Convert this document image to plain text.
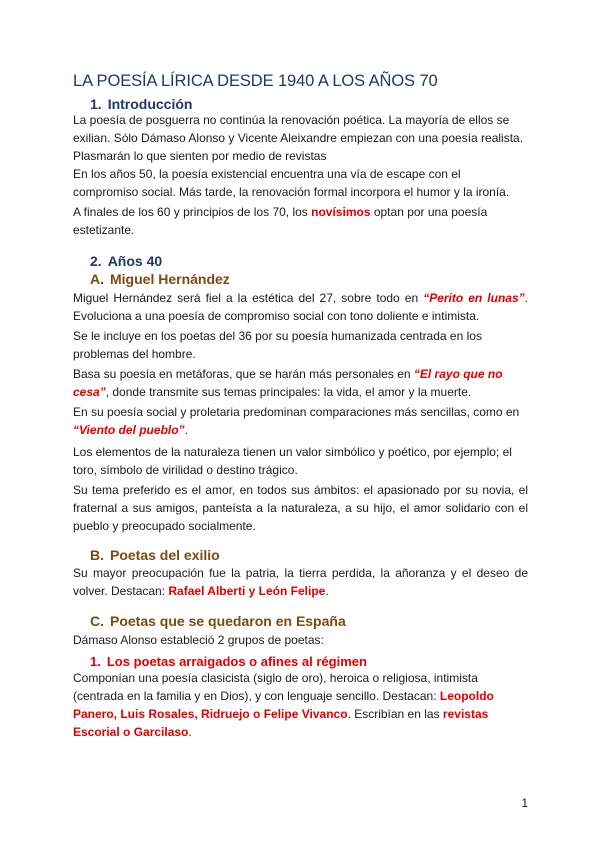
LA POESÍA LÍRICA DESDE 1940 A LOS AÑOS 70
1. Introducción
La poesía de posguerra no continúa la renovación poética. La mayoría de ellos se exilian. Sólo Dámaso Alonso y Vicente Aleixandre empiezan con una poesía realista. Plasmarán lo que sienten por medio de revistas
En los años 50, la poesía existencial encuentra una vía de escape con el compromiso social. Más tarde, la renovación formal incorpora el humor y la ironía.
A finales de los 60 y principios de los 70, los novísimos optan por una poesía estetizante.
2. Años 40
A. Miguel Hernández
Miguel Hernández será fiel a la estética del 27, sobre todo en “Perito en lunas”. Evoluciona a una poesía de compromiso social con tono doliente e intimista.
Se le incluye en los poetas del 36 por su poesía humanizada centrada en los problemas del hombre.
Basa su poesía en metáforas, que se harán más personales en “El rayo que no cesa”, donde transmite sus temas principales: la vida, el amor y la muerte.
En su poesía social y proletaria predominan comparaciones más sencillas, como en “Viento del pueblo”.
Los elementos de la naturaleza tienen un valor simbólico y poético, por ejemplo; el toro, símbolo de virilidad o destino trágico.
Su tema preferido es el amor, en todos sus ámbitos: el apasionado por su novia, el fraternal a sus amigos, panteísta a la naturaleza, a su hijo, el amor solidario con el pueblo y preocupado socialmente.
B. Poetas del exilio
Su mayor preocupación fue la patria, la tierra perdida, la añoranza y el deseo de volver. Destacan: Rafael Alberti y León Felipe.
C. Poetas que se quedaron en España
Dámaso Alonso estableció 2 grupos de poetas:
1. Los poetas arraigados o afines al régimen
Componían una poesía clasicista (siglo de oro), heroica o religiosa, intimista (centrada en la familia y en Dios), y con lenguaje sencillo. Destacan: Leopoldo Panero, Luis Rosales, Ridruejo o Felipe Vivanco. Escribían en las revistas Escorial o Garcilaso.
1
